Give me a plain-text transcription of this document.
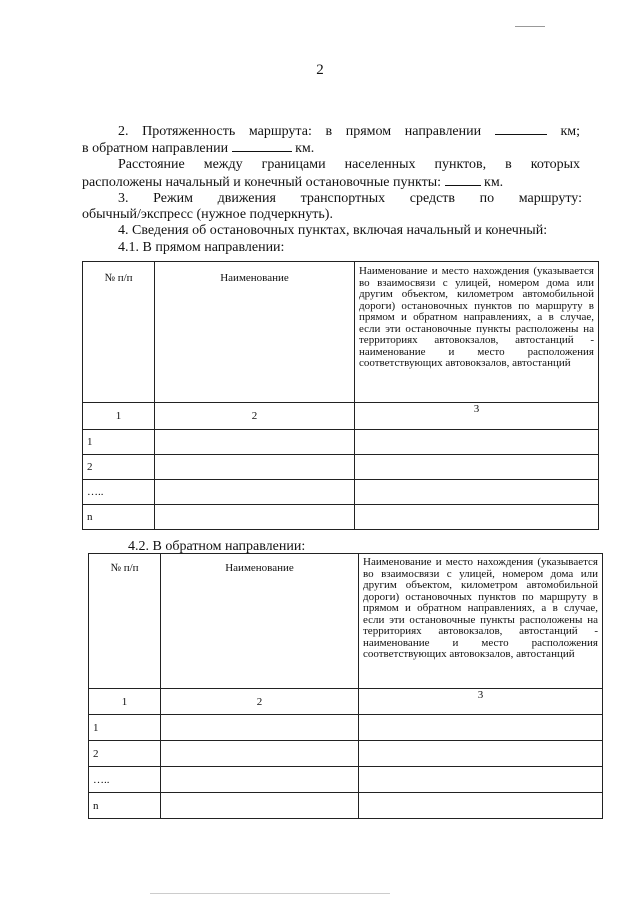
2
2. Протяженность маршрута: в прямом направлении	км;
в обратном направлении	км.
Расстояние между границами населенных пунктов, в которых
расположены начальный и конечный остановочные пункты:	км.
3. Режим движения транспортных средств по маршруту:
обычный/экспресс (нужное подчеркнуть).
4. Сведения об остановочных пунктах, включая начальный и конечный:
4.1. В прямом направлении:
№ п/п	Наименование	Наименование и место нахождения (указывается во взаимосвязи с улицей, номером дома или другим объектом, километром автомобильной дороги) остановочных пунктов по маршруту в прямом и обратном направлениях, а в случае, если эти остановочные пункты расположены на территориях автовокзалов, автостанций - наименование и место расположения соответствующих автовокзалов, автостанций
1	2	3
1		
2		
…..		
n		
4.2. В обратном направлении:
№ п/п	Наименование	Наименование и место нахождения (указывается во взаимосвязи с улицей, номером дома или другим объектом, километром автомобильной дороги) остановочных пунктов по маршруту в прямом и обратном направлениях, а в случае, если эти остановочные пункты расположены на территориях автовокзалов, автостанций - наименование и место расположения соответствующих автовокзалов, автостанций
1	2	3
1		
2		
…..		
n		
